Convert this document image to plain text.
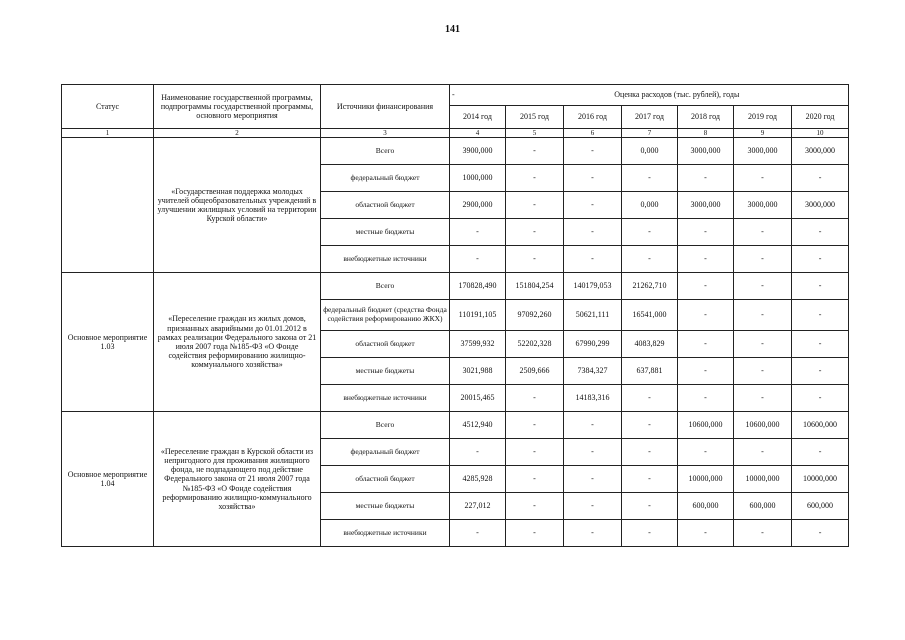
141
Статус	Наименование государственной программы, подпрограммы государственной программы, основного мероприятия	Источники финансирования	-	Оценка расходов (тыс. рублей), годы					
			2014 год	2015 год	2016 год	2017 год	2018 год	2019 год	2020 год
1	2	3	4	5	6	7	8	9	10
	«Государственная поддержка молодых учителей общеобразовательных учреждений в улучшении жилищных условий на территории Курской области»	Всего	3900,000	-	-	0,000	3000,000	3000,000	3000,000
		федеральный бюджет	1000,000	-	-	-	-	-	-
		областной бюджет	2900,000	-	-	0,000	3000,000	3000,000	3000,000
		местные бюджеты	-	-	-	-	-	-	-
		внебюджетные источники	-	-	-	-	-	-	-
Основное мероприятие 1.03	«Переселение граждан из жилых домов, признанных аварийными до 01.01.2012 в рамках реализации Федерального закона от 21 июля 2007 года №185-ФЗ «О Фонде содействия реформированию жилищно-коммунального хозяйства»	Всего	170828,490	151804,254	140179,053	21262,710	-	-	-
		федеральный бюджет (средства Фонда содействия реформированию ЖКХ)	110191,105	97092,260	50621,111	16541,000	-	-	-
		областной бюджет	37599,932	52202,328	67990,299	4083,829	-	-	-
		местные бюджеты	3021,988	2509,666	7384,327	637,881	-	-	-
		внебюджетные источники	20015,465	-	14183,316	-	-	-	-
Основное мероприятие 1.04	«Переселение граждан в Курской области из непригодного для проживания жилищного фонда, не подпадающего под действие Федерального закона от 21 июля 2007 года №185-ФЗ «О Фонде содействия реформированию жилищно-коммунального хозяйства»	Всего	4512,940	-	-	-	10600,000	10600,000	10600,000
		федеральный бюджет	-	-	-	-	-	-	-
		областной бюджет	4285,928	-	-	-	10000,000	10000,000	10000,000
		местные бюджеты	227,012	-	-	-	600,000	600,000	600,000
		внебюджетные источники	-	-	-	-	-	-	-
